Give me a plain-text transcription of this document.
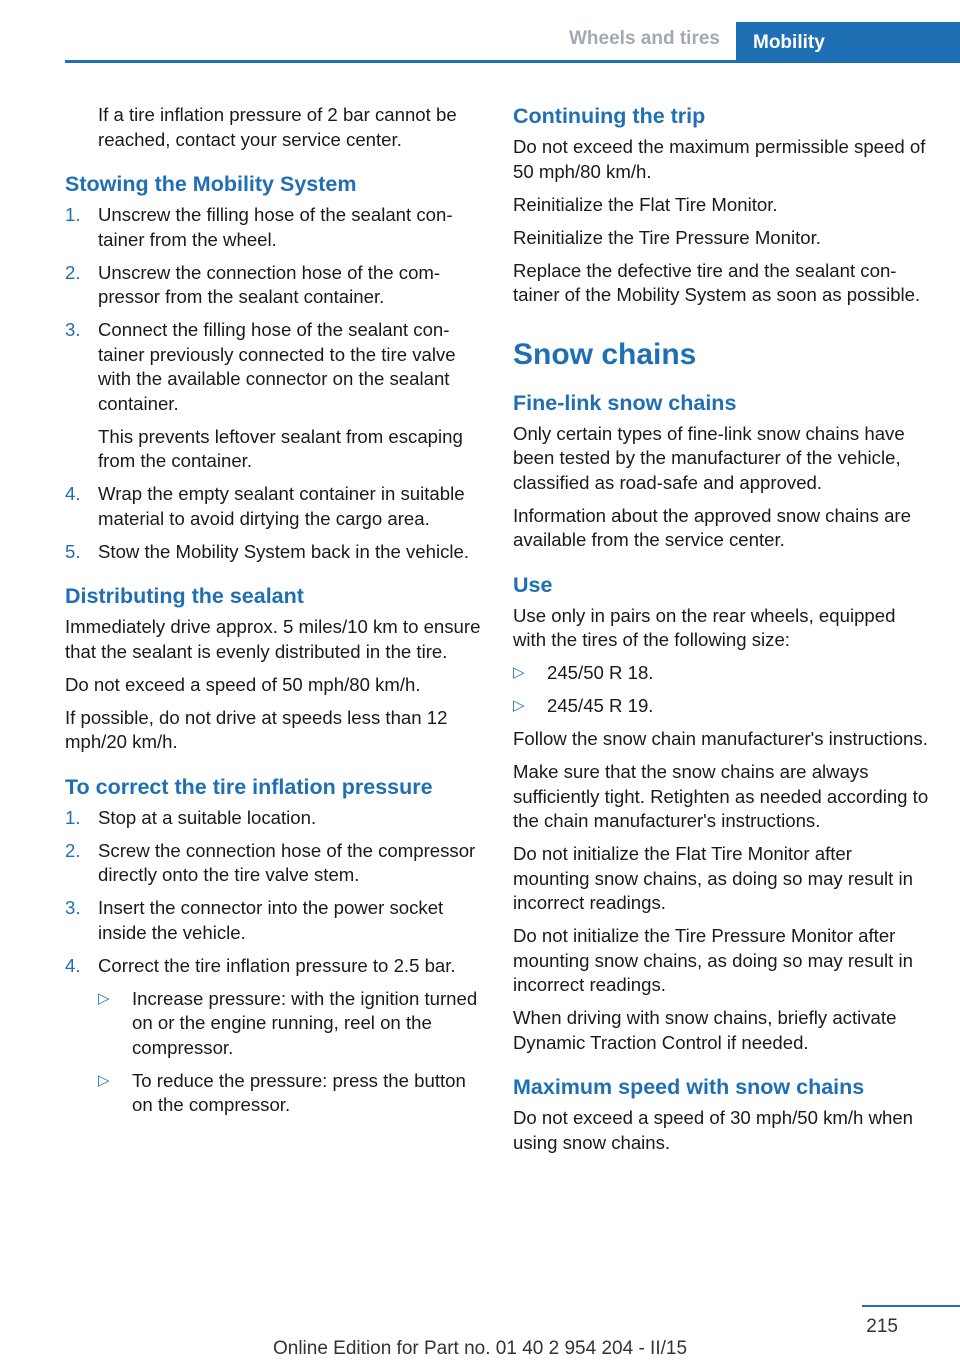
Wheels and tires	Mobility

If a tire inflation pressure of 2 bar cannot be reached, contact your service center.

Stowing the Mobility System
1. Unscrew the filling hose of the sealant container from the wheel.
2. Unscrew the connection hose of the compressor from the sealant container.
3. Connect the filling hose of the sealant container previously connected to the tire valve with the available connector on the sealant container.
This prevents leftover sealant from escaping from the container.
4. Wrap the empty sealant container in suitable material to avoid dirtying the cargo area.
5. Stow the Mobility System back in the vehicle.
Distributing the sealant

Immediately drive approx. 5 miles/10 km to ensure that the sealant is evenly distributed in the tire.

Do not exceed a speed of 50 mph/80 km/h.

If possible, do not drive at speeds less than 12 mph/20 km/h.

To correct the tire inflation pressure
1. Stop at a suitable location.
2. Screw the connection hose of the compressor directly onto the tire valve stem.
3. Insert the connector into the power socket inside the vehicle.
4. Correct the tire inflation pressure to 2.5 bar.
▷ Increase pressure: with the ignition turned on or the engine running, reel on the compressor.
▷ To reduce the pressure: press the button on the compressor.
Continuing the trip

Do not exceed the maximum permissible speed of 50 mph/80 km/h.

Reinitialize the Flat Tire Monitor.

Reinitialize the Tire Pressure Monitor.

Replace the defective tire and the sealant container of the Mobility System as soon as possible.

Snow chains
Fine-link snow chains

Only certain types of fine-link snow chains have been tested by the manufacturer of the vehicle, classified as road-safe and approved.

Information about the approved snow chains are available from the service center.

Use

Use only in pairs on the rear wheels, equipped with the tires of the following size:

▷ 245/50 R 18.
▷ 245/45 R 19.

Follow the snow chain manufacturer's instructions.

Make sure that the snow chains are always sufficiently tight. Retighten as needed according to the chain manufacturer's instructions.

Do not initialize the Flat Tire Monitor after mounting snow chains, as doing so may result in incorrect readings.

Do not initialize the Tire Pressure Monitor after mounting snow chains, as doing so may result in incorrect readings.

When driving with snow chains, briefly activate Dynamic Traction Control if needed.

Maximum speed with snow chains

Do not exceed a speed of 30 mph/50 km/h when using snow chains.

215
Online Edition for Part no. 01 40 2 954 204 - II/15
